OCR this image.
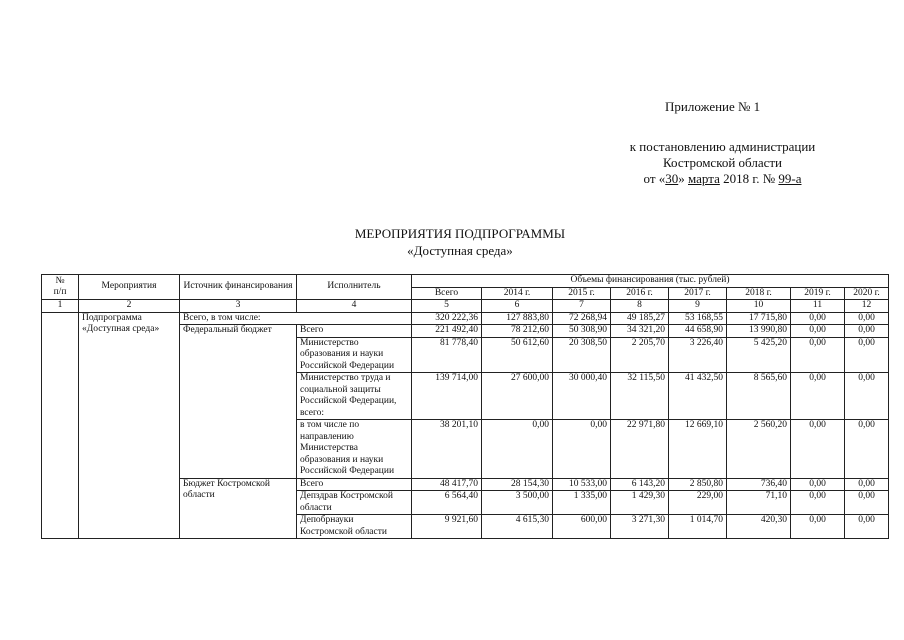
Приложение № 1
к постановлению администрации
Костромской области
от «30» марта 2018 г. № 99-а
МЕРОПРИЯТИЯ ПОДПРОГРАММЫ
«Доступная среда»
№
п/п	Мероприятия	Источник финансирования	Исполнитель	Объемы финансирования (тыс. рублей)							
				Всего	2014 г.	2015 г.	2016 г.	2017 г.	2018 г.	2019 г.	2020 г.
1	2	3	4	5	6	7	8	9	10	11	12
	Подпрограмма «Доступная среда»	Всего, в том числе:		320 222,36	127 883,80	72 268,94	49 185,27	53 168,55	17 715,80	0,00	0,00
		Федеральный бюджет	Всего	221 492,40	78 212,60	50 308,90	34 321,20	44 658,90	13 990,80	0,00	0,00
			Министерство образования и науки Российской Федерации	81 778,40	50 612,60	20 308,50	2 205,70	3 226,40	5 425,20	0,00	0,00
			Министерство труда и социальной защиты Российской Федерации, всего:	139 714,00	27 600,00	30 000,40	32 115,50	41 432,50	8 565,60	0,00	0,00
			в том числе по направлению Министерства образования и науки Российской Федерации	38 201,10	0,00	0,00	22 971,80	12 669,10	2 560,20	0,00	0,00
		Бюджет Костромской области	Всего	48 417,70	28 154,30	10 533,00	6 143,20	2 850,80	736,40	0,00	0,00
			Депздрав Костромской области	6 564,40	3 500,00	1 335,00	1 429,30	229,00	71,10	0,00	0,00
			Депобрнауки Костромской области	9 921,60	4 615,30	600,00	3 271,30	1 014,70	420,30	0,00	0,00
